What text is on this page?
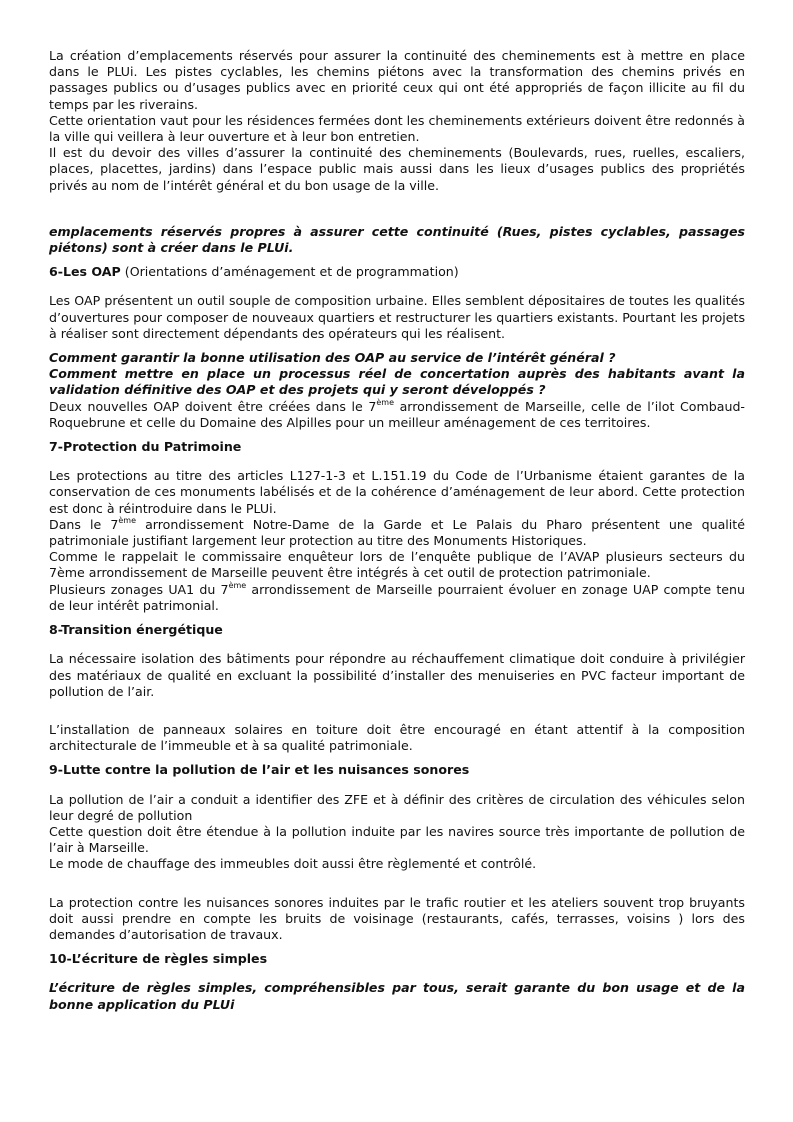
La création d’emplacements réservés pour assurer la continuité des cheminements est à mettre en place dans le PLUi. Les pistes cyclables, les chemins piétons avec la transformation des chemins privés en passages publics ou d’usages publics avec en priorité ceux qui ont été appropriés de façon illicite au fil du temps par les riverains.

Cette orientation vaut pour les résidences fermées dont les cheminements extérieurs doivent être redonnés à la ville qui veillera à leur ouverture et à leur bon entretien.

Il est du devoir des villes d’assurer la continuité des cheminements (Boulevards, rues, ruelles, escaliers, places, placettes, jardins) dans l’espace public mais aussi dans les lieux d’usages publics des propriétés privés au nom de l’intérêt général et du bon usage de la ville.

emplacements réservés propres à assurer cette continuité (Rues, pistes cyclables, passages piétons) sont à créer dans le PLUi.

6-Les OAP (Orientations d’aménagement et de programmation)

Les OAP présentent un outil souple de composition urbaine. Elles semblent dépositaires de toutes les qualités d’ouvertures pour composer de nouveaux quartiers et restructurer les quartiers existants. Pourtant les projets à réaliser sont directement dépendants des opérateurs qui les réalisent.

Comment garantir la bonne utilisation des OAP au service de l’intérêt général ?

Comment mettre en place un processus réel de concertation auprès des habitants avant la validation définitive des OAP et des projets qui y seront développés ?

Deux nouvelles OAP doivent être créées dans le 7ème arrondissement de Marseille, celle de l’ilot Combaud-Roquebrune et celle du Domaine des Alpilles pour un meilleur aménagement de ces territoires.

7-Protection du Patrimoine

Les protections au titre des articles L127-1-3 et L.151.19 du Code de l’Urbanisme étaient garantes de la conservation de ces monuments labélisés et de la cohérence d’aménagement de leur abord. Cette protection est donc à réintroduire dans le PLUi.

Dans le 7ème arrondissement Notre-Dame de la Garde et Le Palais du Pharo présentent une qualité patrimoniale justifiant largement leur protection au titre des Monuments Historiques.

Comme le rappelait le commissaire enquêteur lors de l’enquête publique de l’AVAP plusieurs secteurs du 7ème arrondissement de Marseille peuvent être intégrés à cet outil de protection patrimoniale.

Plusieurs zonages UA1 du 7ème arrondissement de Marseille pourraient évoluer en zonage UAP compte tenu de leur intérêt patrimonial.

8-Transition énergétique

La nécessaire isolation des bâtiments pour répondre au réchauffement climatique doit conduire à privilégier des matériaux de qualité en excluant la possibilité d’installer des menuiseries en PVC facteur important de pollution de l’air.

L’installation de panneaux solaires en toiture doit être encouragé en étant attentif à la composition architecturale de l’immeuble et à sa qualité patrimoniale.

9-Lutte contre la pollution de l’air et les nuisances sonores

La pollution de l’air a conduit a identifier des ZFE et à définir des critères de circulation des véhicules selon leur degré de pollution

Cette question doit être étendue à la pollution induite par les navires source très importante de pollution de l’air à Marseille.

Le mode de chauffage des immeubles doit aussi être règlementé et contrôlé.

La protection contre les nuisances sonores induites par le trafic routier et les ateliers souvent trop bruyants doit aussi prendre en compte les bruits de voisinage (restaurants, cafés, terrasses, voisins ) lors des demandes d’autorisation de travaux.

10-L’écriture de règles simples

L’écriture de règles simples, compréhensibles par tous, serait garante du bon usage et de la bonne application du PLUi
